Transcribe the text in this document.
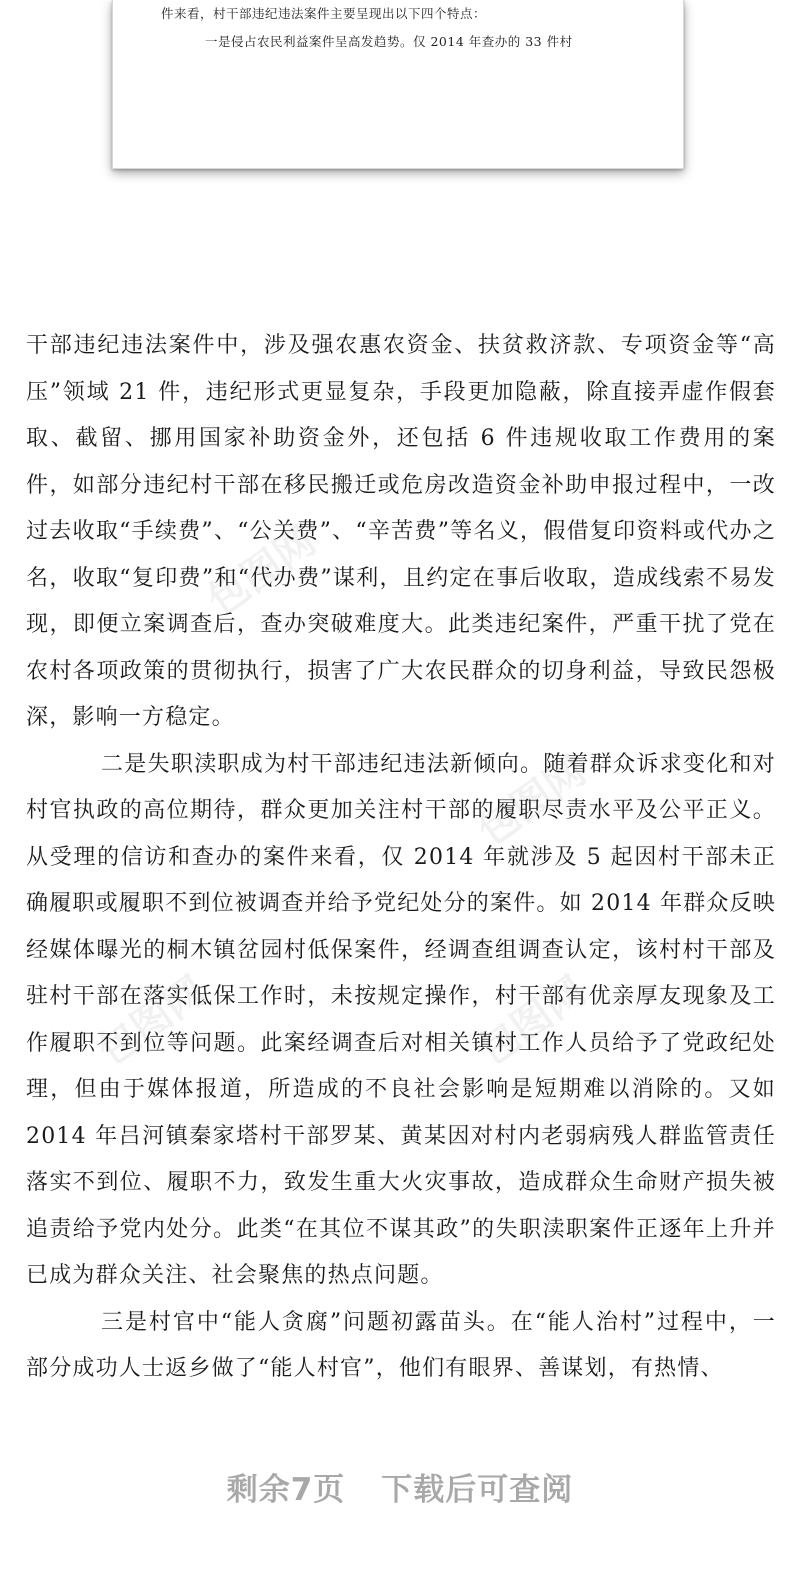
件来看，村干部违纪违法案件主要呈现出以下四个特点：
一是侵占农民利益案件呈高发趋势。仅 2014 年查办的 33 件村
包图网
包图网
包图网	包图网

干部违纪违法案件中，涉及强农惠农资金、扶贫救济款、专项资金等“高压”领域 21 件，违纪形式更显复杂，手段更加隐蔽，除直接弄虚作假套取、截留、挪用国家补助资金外，还包括 6 件违规收取工作费用的案件，如部分违纪村干部在移民搬迁或危房改造资金补助申报过程中，一改过去收取“手续费”、“公关费”、“辛苦费”等名义，假借复印资料或代办之名，收取“复印费”和“代办费”谋利，且约定在事后收取，造成线索不易发现，即便立案调查后，查办突破难度大。此类违纪案件，严重干扰了党在农村各项政策的贯彻执行，损害了广大农民群众的切身利益，导致民怨极深，影响一方稳定。

二是失职渎职成为村干部违纪违法新倾向。随着群众诉求变化和对村官执政的高位期待，群众更加关注村干部的履职尽责水平及公平正义。从受理的信访和查办的案件来看，仅 2014 年就涉及 5 起因村干部未正确履职或履职不到位被调查并给予党纪处分的案件。如 2014 年群众反映经媒体曝光的桐木镇岔园村低保案件，经调查组调查认定，该村村干部及驻村干部在落实低保工作时，未按规定操作，村干部有优亲厚友现象及工作履职不到位等问题。此案经调查后对相关镇村工作人员给予了党政纪处理，但由于媒体报道，所造成的不良社会影响是短期难以消除的。又如 2014 年吕河镇秦家塔村干部罗某、黄某因对村内老弱病残人群监管责任落实不到位、履职不力，致发生重大火灾事故，造成群众生命财产损失被追责给予党内处分。此类“在其位不谋其政”的失职渎职案件正逐年上升并已成为群众关注、社会聚焦的热点问题。

三是村官中“能人贪腐”问题初露苗头。在“能人治村”过程中，一部分成功人士返乡做了“能人村官”，他们有眼界、善谋划，有热情、

剩余7页 下载后可查阅
